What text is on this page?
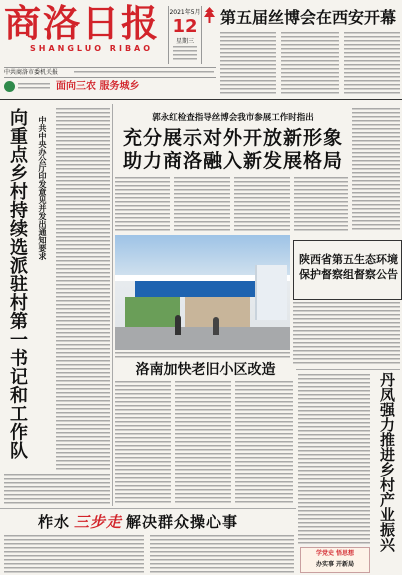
商洛日报
SHANGLUO RIBAO
2021年5月
12
星期三
第五届丝博会在西安开幕
中共商洛市委机关报
面向三农 服务城乡
向重点乡村持续选派驻村第一书记和工作队 中共中央办公厅印发意见并发出通知要求	郭永红检查指导丝博会我市参展工作时指出
充分展示对外开放新形象
助力商洛融入新发展格局
陕西省第五生态环境保护督察组督察公告
洛南加快老旧小区改造
丹凤强力推进乡村产业振兴
柞水 三步走 解决群众操心事
学党史 悟思想
办实事 开新局
